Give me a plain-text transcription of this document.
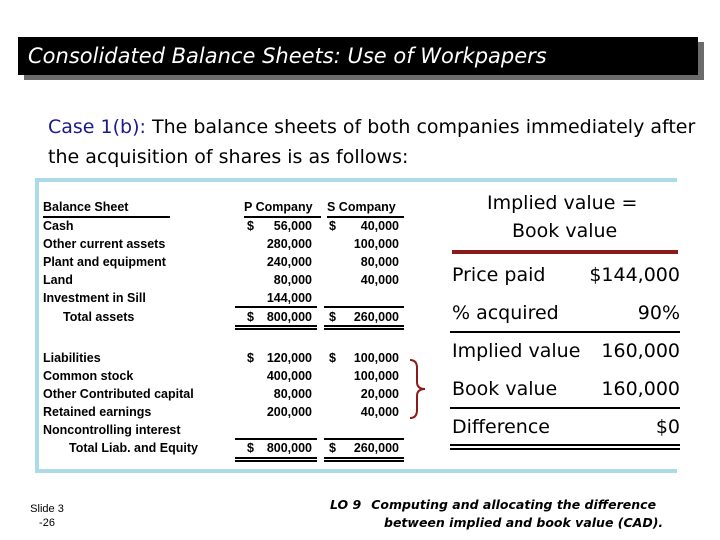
Consolidated Balance Sheets: Use of Workpapers
Case 1(b): The balance sheets of both companies immediately after the acquisition of shares is as follows:
Balance Sheet	P Company S Company
Cash	$	56,000 $	40,000
Other current assets	280,000	100,000
Plant and equipment	240,000	80,000
Land	80,000	40,000
Investment in Sill	144,000
Total assets	$	800,000 $	260,000
Liabilities	$	120,000 $	100,000
Common stock	400,000	100,000
Other Contributed capital	80,000	20,000
Retained earnings	200,000	40,000
Noncontrolling interest
Total Liab. and Equity	$	800,000 $	260,000
Implied value =
Book value
Price paid	$144,000
% acquired	90%
Implied value	160,000
Book value	160,000
Difference	$0
Slide 3
-26
LO 9 Computing and allocating the difference
between implied and book value (CAD).
